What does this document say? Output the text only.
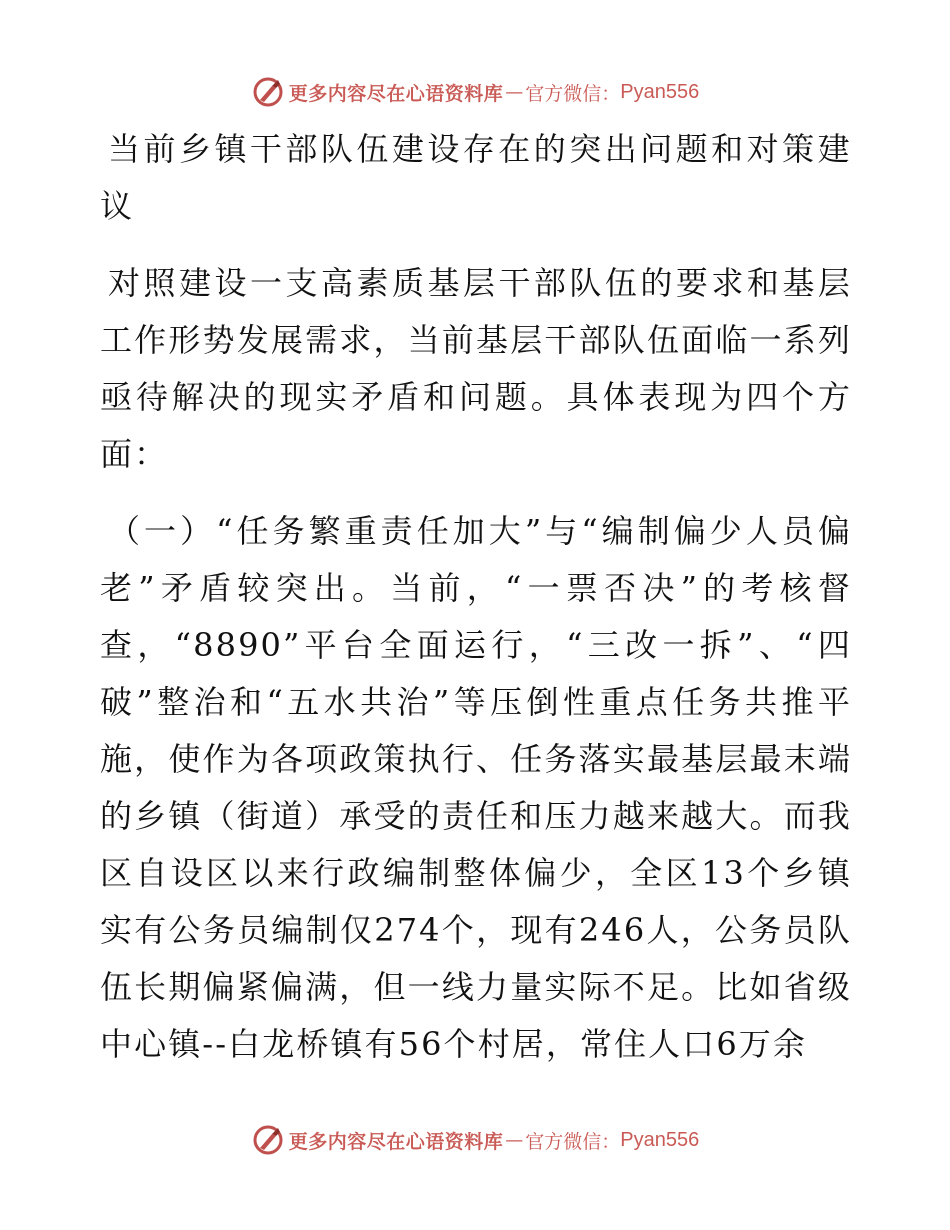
更多内容尽在心语资料库 — 官方微信： Pyan556

当前乡镇干部队伍建设存在的突出问题和对策建议

对照建设一支高素质基层干部队伍的要求和基层工作形势发展需求，当前基层干部队伍面临一系列亟待解决的现实矛盾和问题。具体表现为四个方面：

（一）“任务繁重责任加大”与“编制偏少人员偏老”矛盾较突出。当前，“一票否决”的考核督查，“8890”平台全面运行，“三改一拆”、“四破”整治和“五水共治”等压倒性重点任务共推平施，使作为各项政策执行、任务落实最基层最末端的乡镇（街道）承受的责任和压力越来越大。而我区自设区以来行政编制整体偏少，全区13个乡镇实有公务员编制仅274个，现有246人，公务员队伍长期偏紧偏满，但一线力量实际不足。比如省级中心镇--白龙桥镇有56个村居，常住人口6万余

更多内容尽在心语资料库 — 官方微信： Pyan556
